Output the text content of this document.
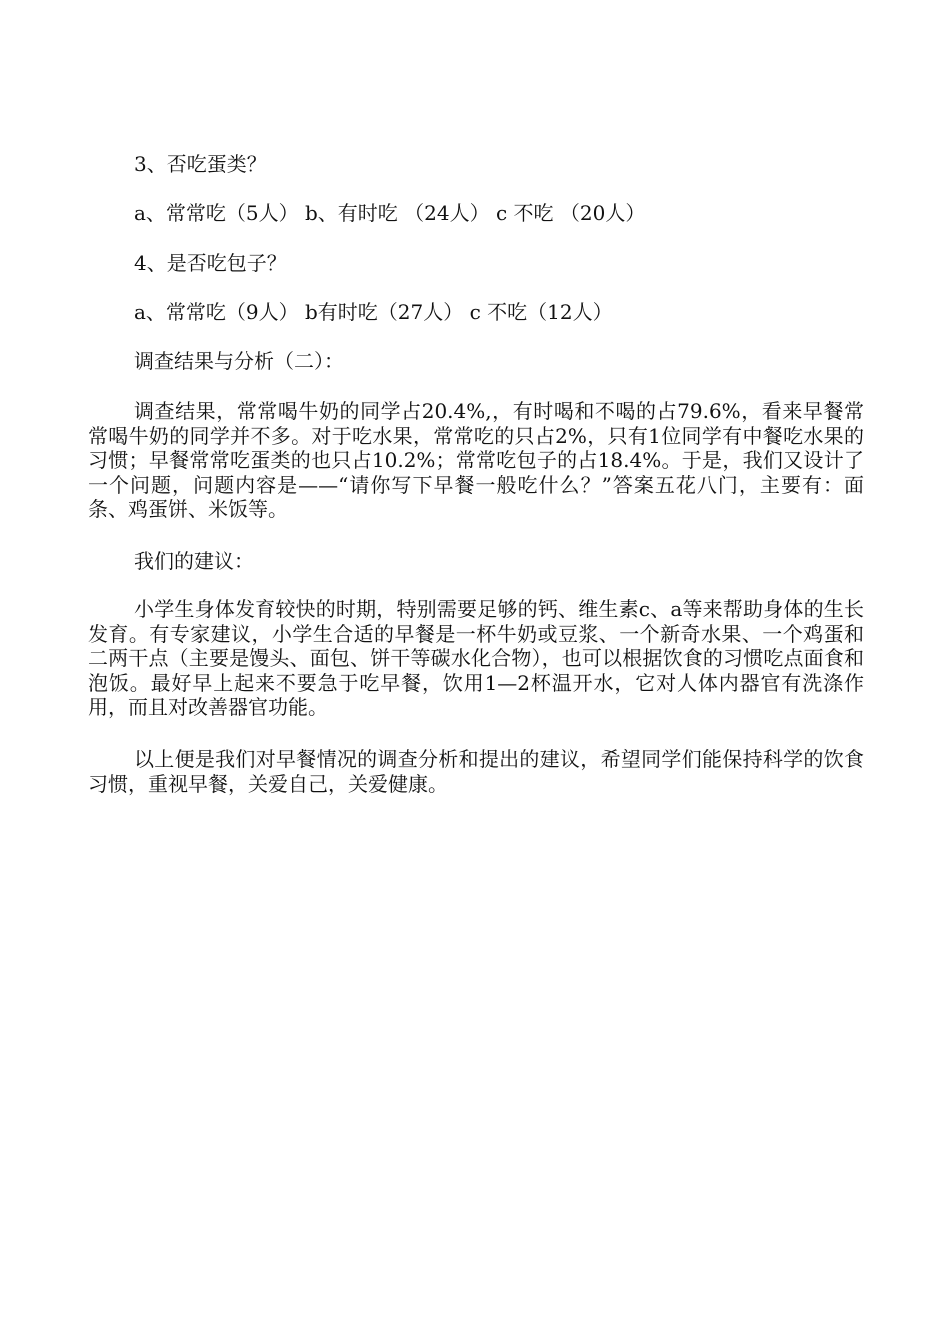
3、否吃蛋类？
a、常常吃（5人） b、有时吃 （24人） c 不吃 （20人）
4、是否吃包子？
a、常常吃（9人） b有时吃（27人） c 不吃（12人）
调查结果与分析（二）：
调查结果，常常喝牛奶的同学占20.4%,，有时喝和不喝的占79.6%，看来早餐常常喝牛奶的同学并不多。对于吃水果，常常吃的只占2%，只有1位同学有中餐吃水果的习惯；早餐常常吃蛋类的也只占10.2%；常常吃包子的占18.4%。于是，我们又设计了一个问题，问题内容是——“请你写下早餐一般吃什么？”答案五花八门，主要有：面条、鸡蛋饼、米饭等。
我们的建议：
小学生身体发育较快的时期，特别需要足够的钙、维生素c、a等来帮助身体的生长发育。有专家建议，小学生合适的早餐是一杯牛奶或豆浆、一个新奇水果、一个鸡蛋和二两干点（主要是馒头、面包、饼干等碳水化合物），也可以根据饮食的习惯吃点面食和泡饭。最好早上起来不要急于吃早餐，饮用1—2杯温开水，它对人体内器官有洗涤作用，而且对改善器官功能。
以上便是我们对早餐情况的调查分析和提出的建议，希望同学们能保持科学的饮食习惯，重视早餐，关爱自己，关爱健康。
